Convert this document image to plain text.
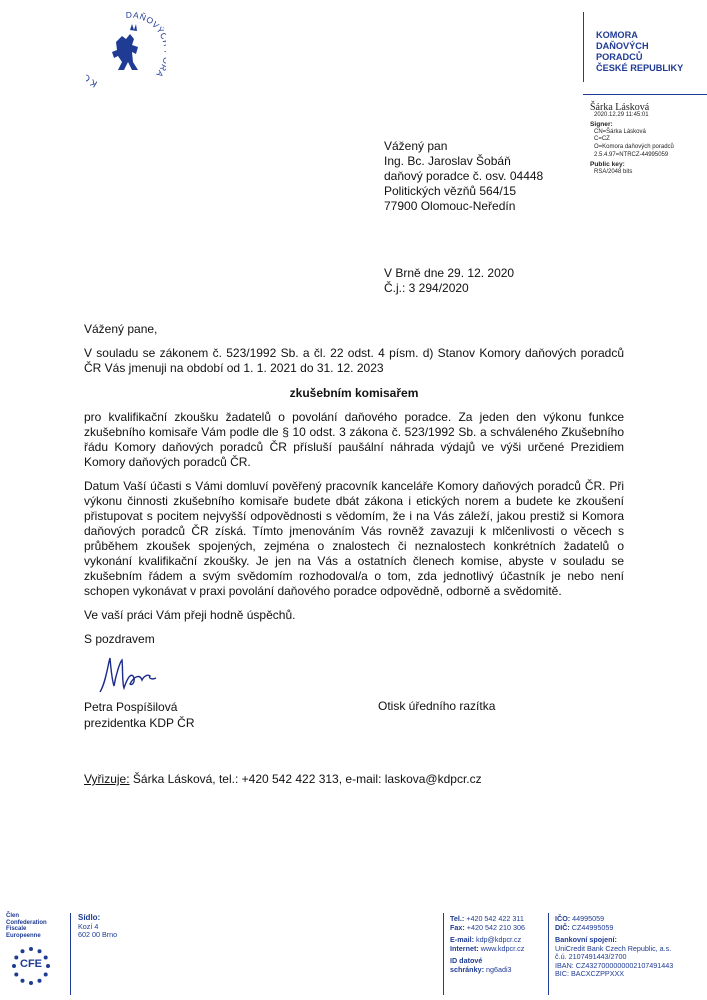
K
DAŇOVÝ A
KOMORA
DAŇOVÝCH
PORADCŮ
ČESKÉ REPUBLIKY
Šárka Lásková
2020.12.29 11:45:01
Signer:
CN=Šárka Lásková
C=CZ
O=Komora daňových poradců
2.5.4.97=NTRCZ-44995059
Public key:
RSA/2048 bits
Vážený pan
Ing. Bc. Jaroslav Šobáň
daňový poradce č. osv. 04448
Politických vězňů 564/15
77900 Olomouc-Neředín
V Brně dne 29. 12. 2020
Č.j.: 3 294/2020

Vážený pane,

V souladu se zákonem č. 523/1992 Sb. a čl. 22 odst. 4 písm. d) Stanov Komory daňových poradců ČR Vás jmenuji na období od 1. 1. 2021 do 31. 12. 2023

zkušebním komisařem

pro kvalifikační zkoušku žadatelů o povolání daňového poradce. Za jeden den výkonu funkce zkušebního komisaře Vám podle dle § 10 odst. 3 zákona č. 523/1992 Sb. a schváleného Zkušebního řádu Komory daňových poradců ČR přísluší paušální náhrada výdajů ve výši určené Prezidiem Komory daňových poradců ČR.

Datum Vaší účasti s Vámi domluví pověřený pracovník kanceláře Komory daňových poradců ČR. Při výkonu činnosti zkušebního komisaře budete dbát zákona i etických norem a budete ke zkoušení přistupovat s pocitem nejvyšší odpovědnosti s vědomím, že i na Vás záleží, jakou prestiž si Komora daňových poradců ČR získá. Tímto jmenováním Vás rovněž zavazuji k mlčenlivosti o věcech s průběhem zkoušek spojených, zejména o znalostech či neznalostech konkrétních žadatelů o vykonání kvalifikační zkoušky. Je jen na Vás a ostatních členech komise, abyste v souladu se zkušebním řádem a svým svědomím rozhodoval/a o tom, zda jednotlivý účastník je nebo není schopen vykonávat v praxi povolání daňového poradce odpovědně, odborně a svědomitě.

Ve vaší práci Vám přeji hodně úspěchů.

S pozdravem

Petra Pospíšilová
prezidentka KDP ČR
Otisk úředního razítka
Vyřizuje: Šárka Lásková, tel.: +420 542 422 313, e-mail: laskova@kdpcr.cz
Člen
Confederation
Fiscale
Europeenne
CFE
Sídlo:
Kozí 4
602 00 Brno
Tel.: +420 542 422 311
Fax: +420 542 210 306
E-mail: kdp@kdpcr.cz
Internet: www.kdpcr.cz
ID datové
schránky: ng6adi3
IČO: 44995059
DIČ: CZ44995059
Bankovní spojení:
UniCredit Bank Czech Republic, a.s.
č.ú. 2107491443/2700
IBAN: CZ4327000000002107491443
BIC: BACXCZPPXXX
